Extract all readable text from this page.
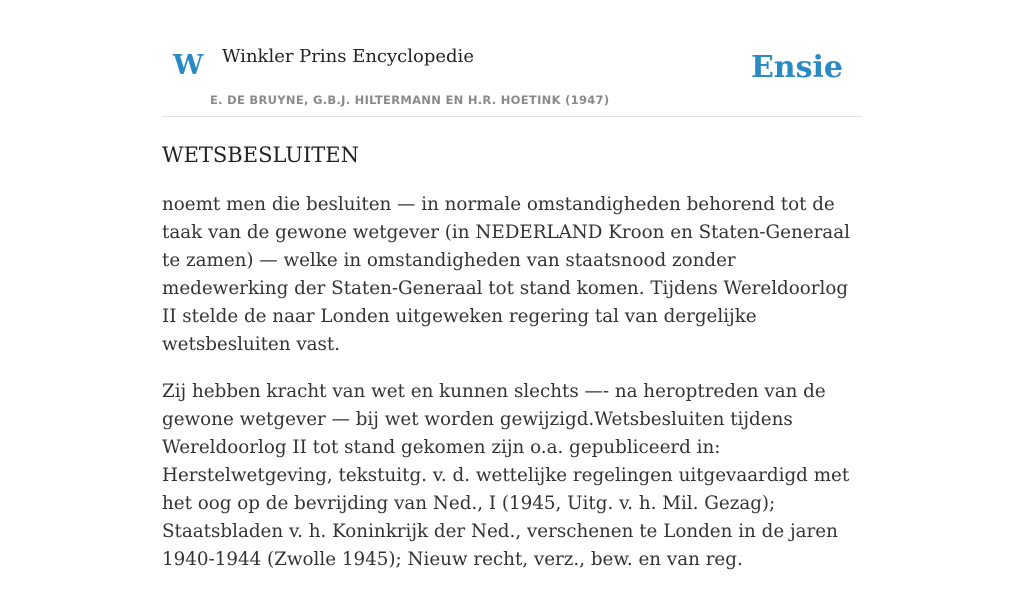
W Winkler Prins Encyclopedie
E. DE BRUYNE, G.B.J. HILTERMANN EN H.R. HOETINK (1947)
Ensie
WETSBESLUITEN

noemt men die besluiten — in normale omstandigheden behorend tot de taak van de gewone wetgever (in NEDERLAND Kroon en Staten-Generaal te zamen) — welke in omstandigheden van staatsnood zonder medewerking der Staten-Generaal tot stand komen. Tijdens Wereldoorlog II stelde de naar Londen uitgeweken regering tal van dergelijke wetsbesluiten vast.

Zij hebben kracht van wet en kunnen slechts —- na heroptreden van de gewone wetgever — bij wet worden gewijzigd.Wetsbesluiten tijdens Wereldoorlog II tot stand gekomen zijn o.a. gepubliceerd in: Herstelwetgeving, tekstuitg. v. d. wettelijke regelingen uitgevaardigd met het oog op de bevrijding van Ned., I (1945, Uitg. v. h. Mil. Gezag); Staatsbladen v. h. Koninkrijk der Ned., verschenen te Londen in de jaren 1940-1944 (Zwolle 1945); Nieuw recht, verz., bew. en van reg.
